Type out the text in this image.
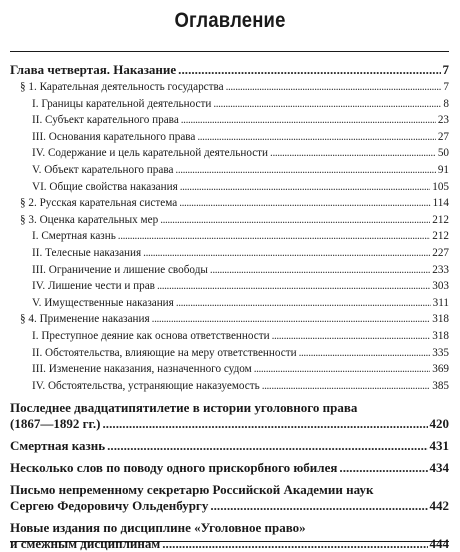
Оглавление
Глава четвертая. Наказание . . .	7
§ 1. Карательная деятельность государства . . .	7
I. Границы карательной деятельности . . .	8
II. Субъект карательного права . . .	23
III. Основания карательного права . . .	27
IV. Содержание и цель карательной деятельности . . .	50
V. Объект карательного права . . .	91
VI. Общие свойства наказания . . .	105
§ 2. Русская карательная система . . .	114
§ 3. Оценка карательных мер . . .	212
I. Смертная казнь . . .	212
II. Телесные наказания . . .	227
III. Ограничение и лишение свободы . . .	233
IV. Лишение чести и прав . . .	303
V. Имущественные наказания . . .	311
§ 4. Применение наказания . . .	318
I. Преступное деяние как основа ответственности . . .	318
II. Обстоятельства, влияющие на меру ответственности . . .	335
III. Изменение наказания, назначенного судом . . .	369
IV. Обстоятельства, устраняющие наказуемость . . .	385
Последнее двадцатипятилетие в истории уголовного права
(1867—1892 гг.) . . .	420
Смертная казнь . . .	431
Несколько слов по поводу одного прискорбного юбилея . . .	434
Письмо непременному секретарю Российской Академии наук
Сергею Федоровичу Ольденбургу . . .	442
Новые издания по дисциплине «Уголовное право»
и смежным дисциплинам . . .	444
